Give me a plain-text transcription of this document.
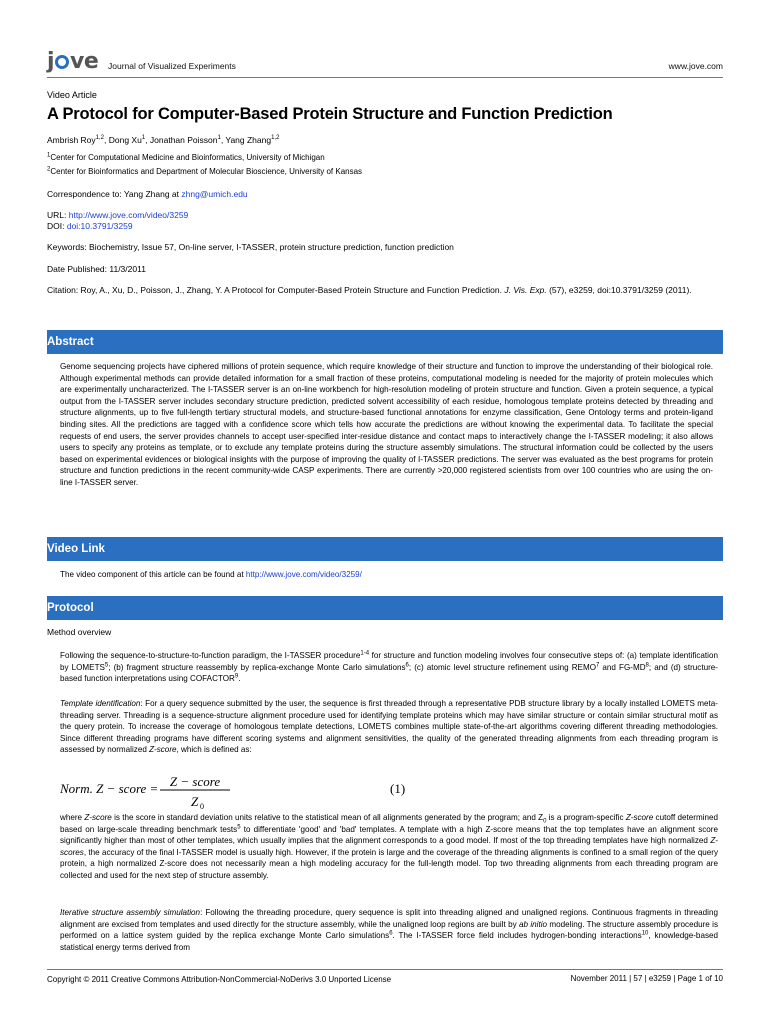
j ve Journal of Visualized Experiments	www.jove.com
Video Article
A Protocol for Computer-Based Protein Structure and Function Prediction
Ambrish Roy$^{1,2}$, Dong Xu$^1$, Jonathan Poisson$^1$, Yang Zhang$^{1,2}$
$^1$Center for Computational Medicine and Bioinformatics, University of Michigan
$^2$Center for Bioinformatics and Department of Molecular Bioscience, University of Kansas
Correspondence to: Yang Zhang at zhng@umich.edu
URL: http://www.jove.com/video/3259
DOI: doi:10.3791/3259
Keywords: Biochemistry, Issue 57, On-line server, I-TASSER, protein structure prediction, function prediction
Date Published: 11/3/2011
Citation: Roy, A., Xu, D., Poisson, J., Zhang, Y. A Protocol for Computer-Based Protein Structure and Function Prediction. J. Vis. Exp. (57), e3259, doi:10.3791/3259 (2011).
Abstract
Genome sequencing projects have ciphered millions of protein sequence, which require knowledge of their structure and function to improve the understanding of their biological role. Although experimental methods can provide detailed information for a small fraction of these proteins, computational modeling is needed for the majority of protein molecules which are experimentally uncharacterized. The I-TASSER server is an on-line workbench for high-resolution modeling of protein structure and function. Given a protein sequence, a typical output from the I-TASSER server includes secondary structure prediction, predicted solvent accessibility of each residue, homologous template proteins detected by threading and structure alignments, up to five full-length tertiary structural models, and structure-based functional annotations for enzyme classification, Gene Ontology terms and protein-ligand binding sites. All the predictions are tagged with a confidence score which tells how accurate the predictions are without knowing the experimental data. To facilitate the special requests of end users, the server provides channels to accept user-specified inter-residue distance and contact maps to interactively change the I-TASSER modeling; it also allows users to specify any proteins as template, or to exclude any template proteins during the structure assembly simulations. The structural information could be collected by the users based on experimental evidences or biological insights with the purpose of improving the quality of I-TASSER predictions. The server was evaluated as the best programs for protein structure and function predictions in the recent community-wide CASP experiments. There are currently >20,000 registered scientists from over 100 countries who are using the on-line I-TASSER server.
Video Link
The video component of this article can be found at http://www.jove.com/video/3259/
Protocol
Method overview
Following the sequence-to-structure-to-function paradigm, the I-TASSER procedure$^{1-4}$ for structure and function modeling involves four consecutive steps of: (a) template identification by LOMETS$^5$; (b) fragment structure reassembly by replica-exchange Monte Carlo simulations$^6$; (c) atomic level structure refinement using REMO$^7$ and $FG-MD^8$; and (d) structure-based function interpretations using COFACTOR$^9$.
Template identification: For a query sequence submitted by the user, the sequence is first threaded through a representative PDB structure library by a locally installed LOMETS meta-threading server. Threading is a sequence-structure alignment procedure used for identifying template proteins which may have similar structure or contain similar structural motif as the query protein. To increase the coverage of homologous template detections, LOMETS combines multiple state-of-the-art algorithms covering different threading methodologies. Since different threading programs have different scoring systems and alignment sensitivities, the quality of the generated threading alignments from each threading program is assessed by normalized Z-score, which is defined as:
Norm. Z − score = Z − score
Z 0
(1)
where Z-score is the score in standard deviation units relative to the statistical mean of all alignments generated by the program; and $Z_0$ is a program-specific Z-score cutoff determined based on large-scale threading benchmark tests$^5$ to differentiate 'good' and 'bad' templates. A template with a high Z-score means that the top templates have an alignment score significantly higher than most of other templates, which usually implies that the alignment corresponds to a good model. If most of the top threading templates have high normalized Z-scores, the accuracy of the final I-TASSER model is usually high. However, if the protein is large and the coverage of the threading alignments is confined to a small region of the query protein, a high normalized Z-score does not necessarily mean a high modeling accuracy for the full-length model. Top two threading alignments from each threading program are collected and used for the next step of structure assembly.
Iterative structure assembly simulation: Following the threading procedure, query sequence is split into threading aligned and unaligned regions. Continuous fragments in threading alignment are excised from templates and used directly for the structure assembly, while the unaligned loop regions are built by ab initio modeling. The structure assembly procedure is performed on a lattice system guided by the replica exchange Monte Carlo simulations$^6$. The I-TASSER force field includes hydrogen-bonding interactions$^{10}$, knowledge-based statistical energy terms derived from
Copyright © 2011 Creative Commons Attribution-NonCommercial-NoDerivs 3.0 Unported License	November 2011 | 57 | e3259 | Page 1 of 10
